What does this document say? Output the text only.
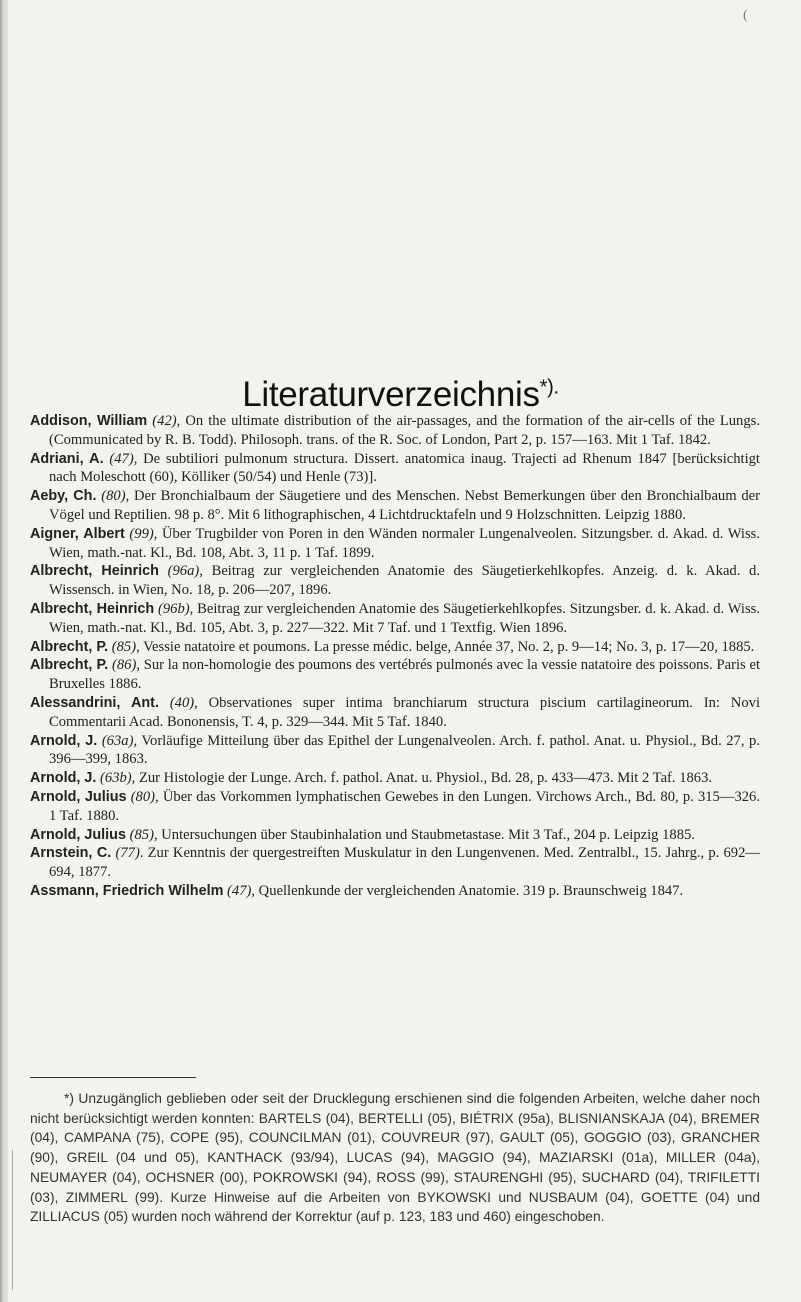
(
Literaturverzeichnis*).

Addison, William (42), On the ultimate distribution of the air-passages, and the formation of the air-cells of the Lungs. (Communicated by R. B. Todd). Philosoph. trans. of the R. Soc. of London, Part 2, p. 157—163. Mit 1 Taf. 1842.

Adriani, A. (47), De subtiliori pulmonum structura. Dissert. anatomica inaug. Trajecti ad Rhenum 1847 [berücksichtigt nach Moleschott (60), Kölliker (50/54) und Henle (73)].

Aeby, Ch. (80), Der Bronchialbaum der Säugetiere und des Menschen. Nebst Bemerkungen über den Bronchialbaum der Vögel und Reptilien. 98 p. 8°. Mit 6 lithographischen, 4 Lichtdrucktafeln und 9 Holzschnitten. Leipzig 1880.

Aigner, Albert (99), Über Trugbilder von Poren in den Wänden normaler Lungenalveolen. Sitzungsber. d. Akad. d. Wiss. Wien, math.-nat. Kl., Bd. 108, Abt. 3, 11 p. 1 Taf. 1899.

Albrecht, Heinrich (96a), Beitrag zur vergleichenden Anatomie des Säugetierkehlkopfes. Anzeig. d. k. Akad. d. Wissensch. in Wien, No. 18, p. 206—207, 1896.

Albrecht, Heinrich (96b), Beitrag zur vergleichenden Anatomie des Säugetierkehlkopfes. Sitzungsber. d. k. Akad. d. Wiss. Wien, math.-nat. Kl., Bd. 105, Abt. 3, p. 227—322. Mit 7 Taf. und 1 Textfig. Wien 1896.

Albrecht, P. (85), Vessie natatoire et poumons. La presse médic. belge, Année 37, No. 2, p. 9—14; No. 3, p. 17—20, 1885.

Albrecht, P. (86), Sur la non-homologie des poumons des vertébrés pulmonés avec la vessie natatoire des poissons. Paris et Bruxelles 1886.

Alessandrini, Ant. (40), Observationes super intima branchiarum structura piscium cartilagineorum. In: Novi Commentarii Acad. Bononensis, T. 4, p. 329—344. Mit 5 Taf. 1840.

Arnold, J. (63a), Vorläufige Mitteilung über das Epithel der Lungenalveolen. Arch. f. pathol. Anat. u. Physiol., Bd. 27, p. 396—399, 1863.

Arnold, J. (63b), Zur Histologie der Lunge. Arch. f. pathol. Anat. u. Physiol., Bd. 28, p. 433—473. Mit 2 Taf. 1863.

Arnold, Julius (80), Über das Vorkommen lymphatischen Gewebes in den Lungen. Virchows Arch., Bd. 80, p. 315—326. 1 Taf. 1880.

Arnold, Julius (85), Untersuchungen über Staubinhalation und Staubmetastase. Mit 3 Taf., 204 p. Leipzig 1885.

Arnstein, C. (77). Zur Kenntnis der quergestreiften Muskulatur in den Lungenvenen. Med. Zentralbl., 15. Jahrg., p. 692—694, 1877.

Assmann, Friedrich Wilhelm (47), Quellenkunde der vergleichenden Anatomie. 319 p. Braunschweig 1847.

*) Unzugänglich geblieben oder seit der Drucklegung erschienen sind die folgenden Arbeiten, welche daher noch nicht berücksichtigt werden konnten: BARTELS (04), BERTELLI (05), BIÉTRIX (95a), BLISNIANSKAJA (04), BREMER (04), CAMPANA (75), COPE (95), COUNCILMAN (01), COUVREUR (97), GAULT (05), GOGGIO (03), GRANCHER (90), GREIL (04 und 05), KANTHACK (93/94), LUCAS (94), MAGGIO (94), MAZIARSKI (01a), MILLER (04a), NEUMAYER (04), OCHSNER (00), POKROWSKI (94), ROSS (99), STAURENGHI (95), SUCHARD (04), TRIFILETTI (03), ZIMMERL (99). Kurze Hinweise auf die Arbeiten von BYKOWSKI und NUSBAUM (04), GOETTE (04) und ZILLIACUS (05) wurden noch während der Korrektur (auf p. 123, 183 und 460) eingeschoben.
